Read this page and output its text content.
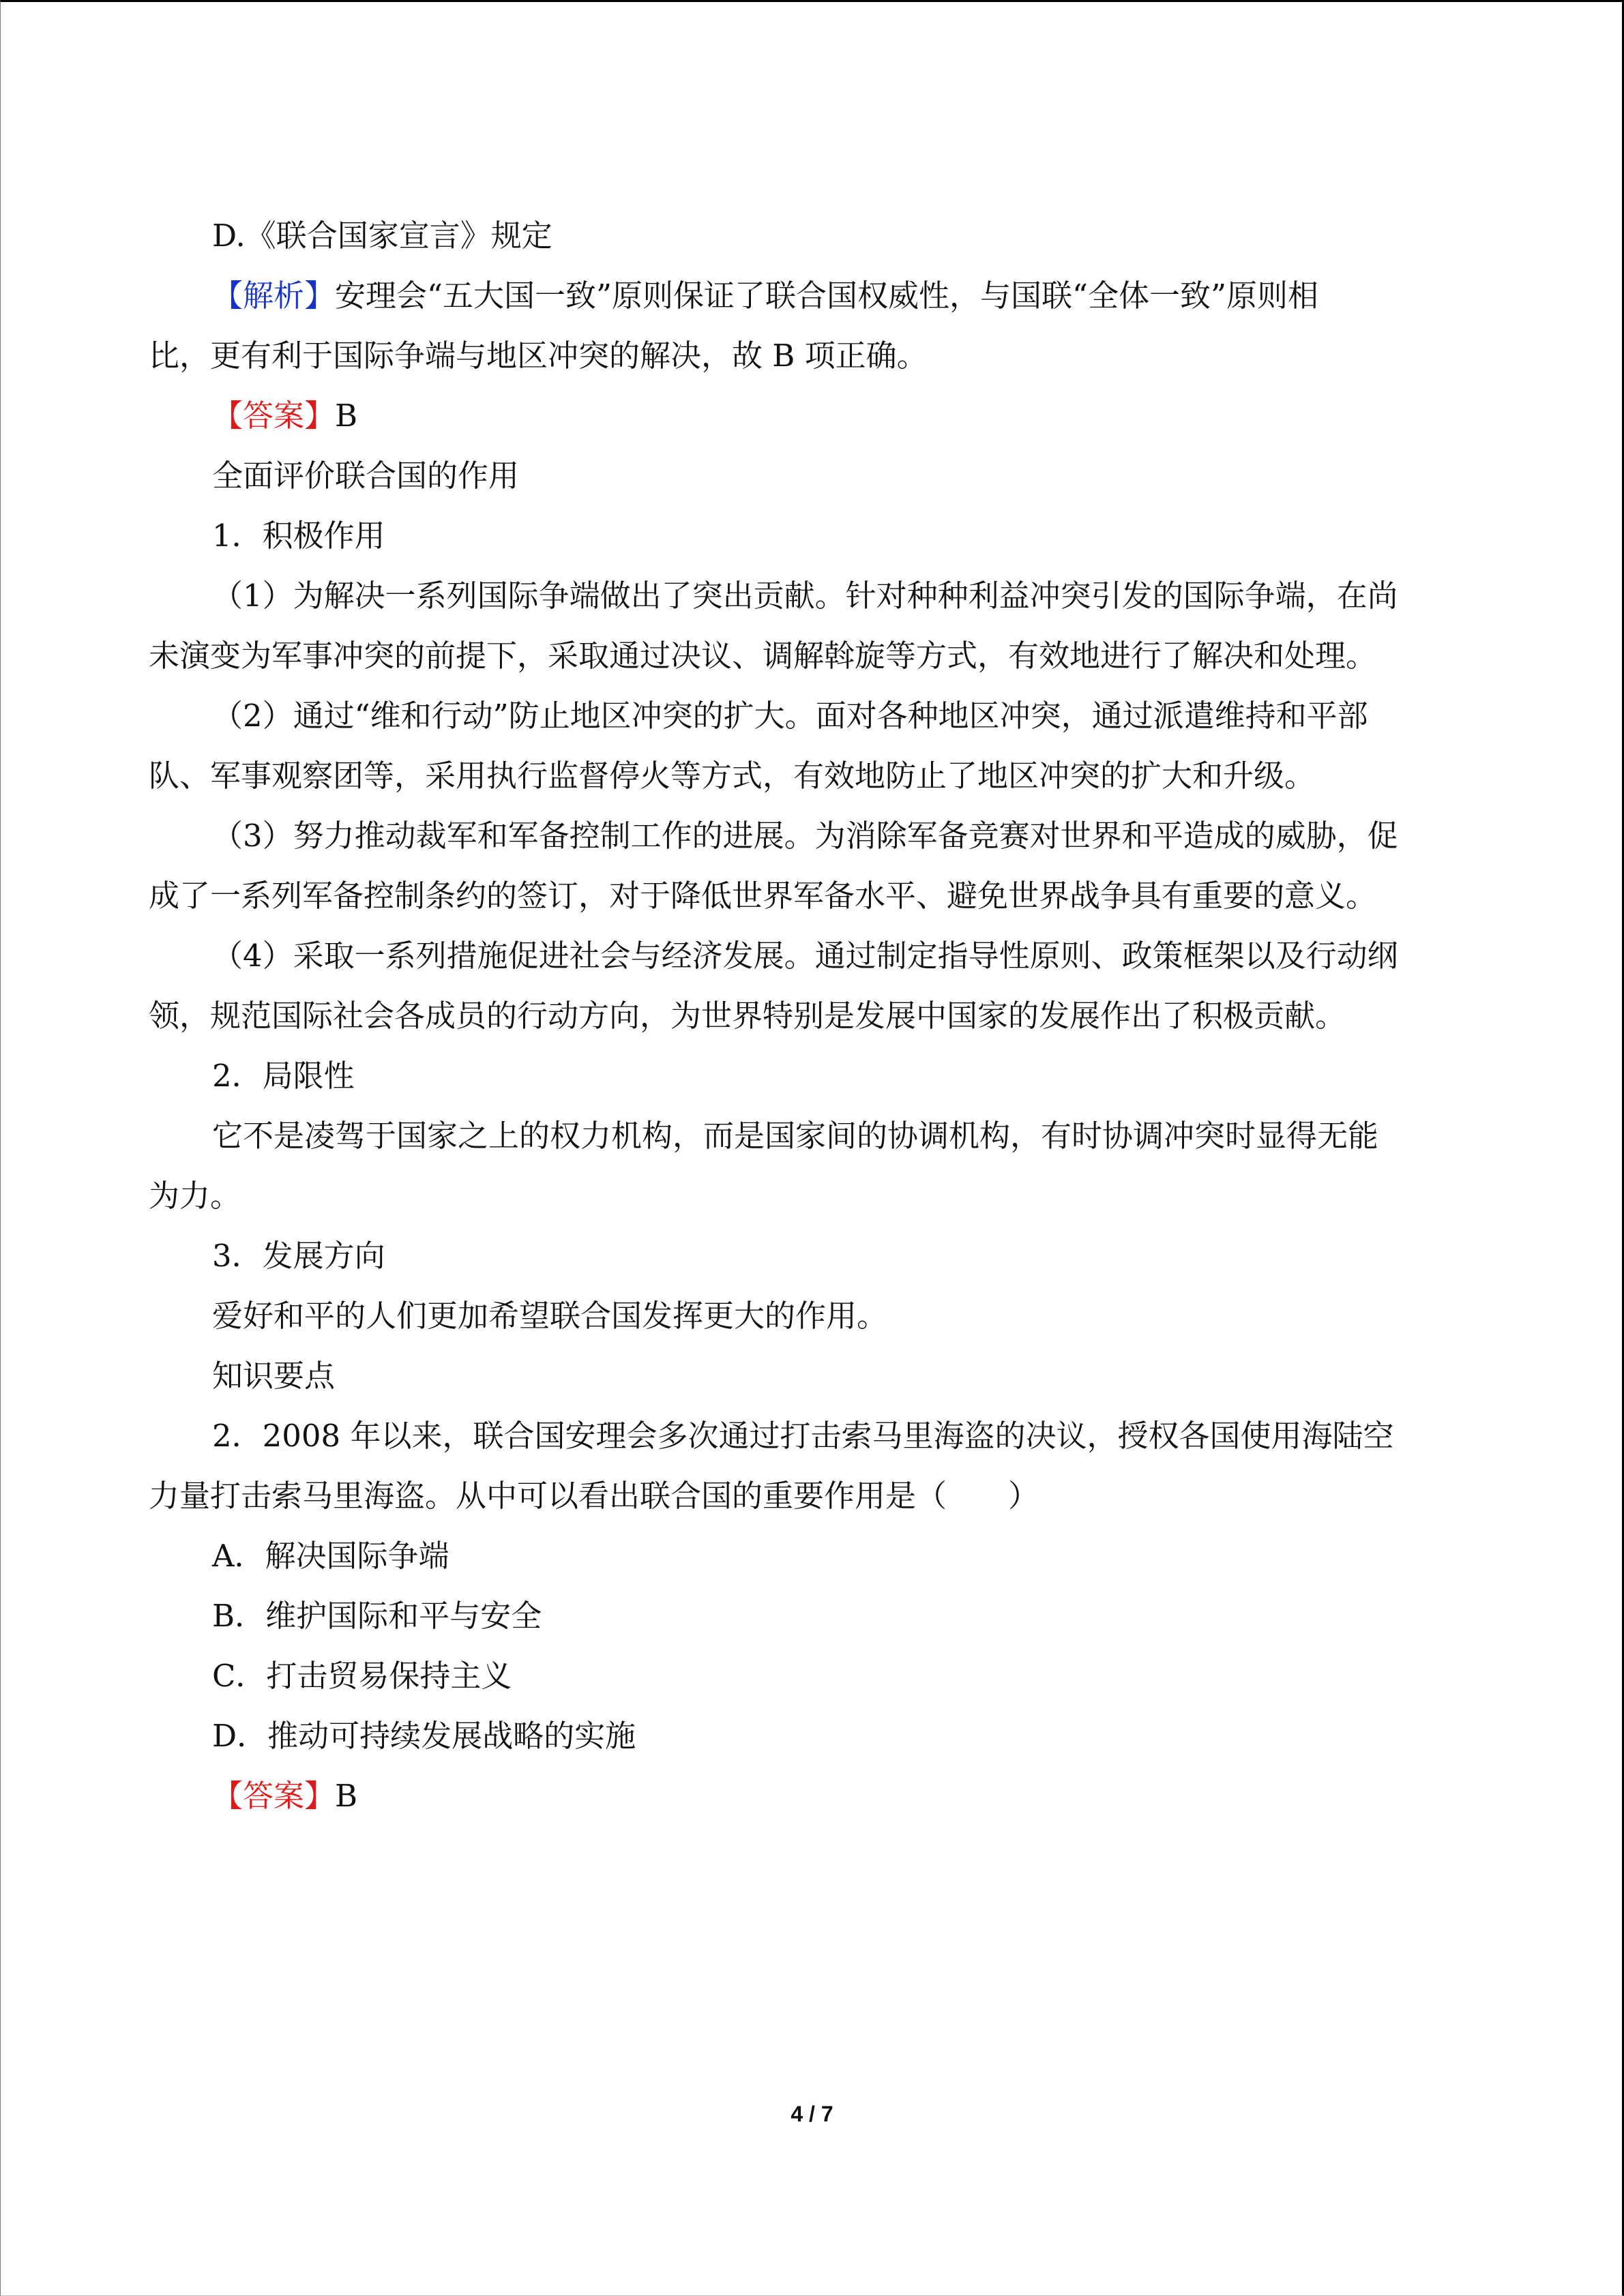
D.《联合国家宣言》规定

【解析】安理会“五大国一致”原则保证了联合国权威性，与国联“全体一致”原则相

比，更有利于国际争端与地区冲突的解决，故 B 项正确。

【答案】B

全面评价联合国的作用

1．积极作用

（1）为解决一系列国际争端做出了突出贡献。针对种种利益冲突引发的国际争端，在尚

未演变为军事冲突的前提下，采取通过决议、调解斡旋等方式，有效地进行了解决和处理。

（2）通过“维和行动”防止地区冲突的扩大。面对各种地区冲突，通过派遣维持和平部

队、军事观察团等，采用执行监督停火等方式，有效地防止了地区冲突的扩大和升级。

（3）努力推动裁军和军备控制工作的进展。为消除军备竞赛对世界和平造成的威胁，促

成了一系列军备控制条约的签订，对于降低世界军备水平、避免世界战争具有重要的意义。

（4）采取一系列措施促进社会与经济发展。通过制定指导性原则、政策框架以及行动纲

领，规范国际社会各成员的行动方向，为世界特别是发展中国家的发展作出了积极贡献。

2．局限性

它不是凌驾于国家之上的权力机构，而是国家间的协调机构，有时协调冲突时显得无能

为力。

3．发展方向

爱好和平的人们更加希望联合国发挥更大的作用。

知识要点

2．2008 年以来，联合国安理会多次通过打击索马里海盗的决议，授权各国使用海陆空

力量打击索马里海盗。从中可以看出联合国的重要作用是（　　）

A．解决国际争端

B．维护国际和平与安全

C．打击贸易保持主义

D．推动可持续发展战略的实施

【答案】B

4 / 7
